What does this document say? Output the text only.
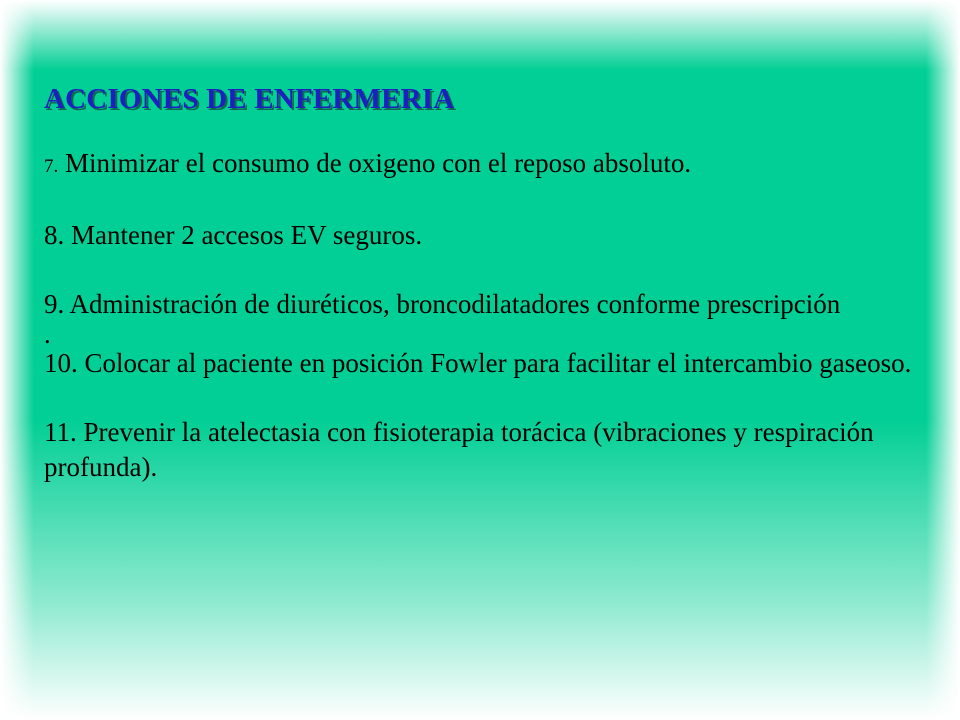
ACCIONES DE ENFERMERIA

7. Minimizar el consumo de oxigeno con el reposo absoluto.

8. Mantener 2 accesos EV seguros.

9. Administración de diuréticos, broncodilatadores conforme prescripción

.

10. Colocar al paciente en posición Fowler para facilitar el intercambio gaseoso.

11. Prevenir la atelectasia con fisioterapia torácica (vibraciones y respiración profunda).
